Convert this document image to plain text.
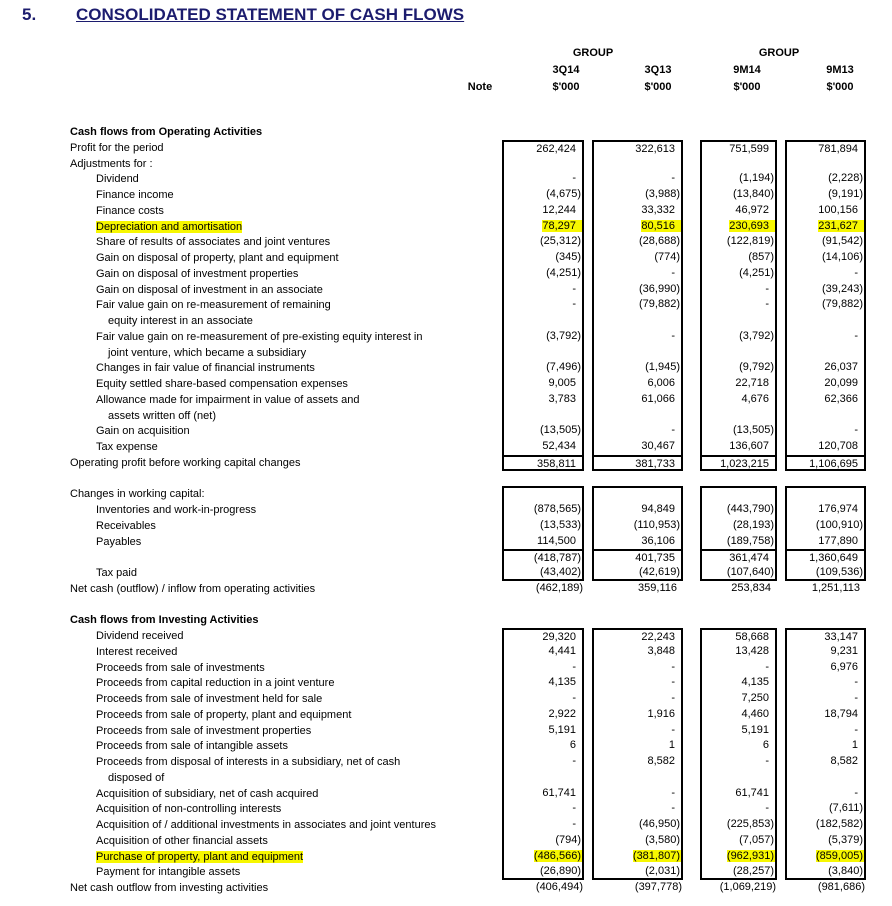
5. CONSOLIDATED STATEMENT OF CASH FLOWS
GROUP	GROUP
3Q14	3Q13	9M14	9M13
Note	$'000	$'000	$'000	$'000
Cash flows from Operating Activities
Profit for the period	262,424	322,613	751,599	781,894
Adjustments for :
Dividend	-	-	(1,194)	(2,228)
Finance income	(4,675)	(3,988)	(13,840)	(9,191)
Finance costs	12,244	33,332	46,972	100,156
Depreciation and amortisation	78,297	80,516	230,693	231,627
Share of results of associates and joint ventures	(25,312)	(28,688)	(122,819)	(91,542)
Gain on disposal of property, plant and equipment	(345)	(774)	(857)	(14,106)
Gain on disposal of investment properties	(4,251)	-	(4,251)	-
Gain on disposal of investment in an associate	-	(36,990)	-	(39,243)
Fair value gain on re-measurement of remaining
equity interest in an associate
-	(79,882)	-	(79,882)
Fair value gain on re-measurement of pre-existing equity interest in
joint venture, which became a subsidiary
(3,792)	-	(3,792)	-
Changes in fair value of financial instruments	(7,496)	(1,945)	(9,792)	26,037
Equity settled share-based compensation expenses	9,005	6,006	22,718	20,099
Allowance made for impairment in value of assets and
assets written off (net)
3,783	61,066	4,676	62,366
Gain on acquisition	(13,505)	-	(13,505)	-
Tax expense	52,434	30,467	136,607	120,708
Operating profit before working capital changes	358,811	381,733	1,023,215	1,106,695
Changes in working capital:
Inventories and work-in-progress	(878,565)	94,849	(443,790)	176,974
Receivables	(13,533)	(110,953)	(28,193)	(100,910)
Payables	114,500	36,106	(189,758)	177,890
(418,787)	401,735	361,474	1,360,649
Tax paid	(43,402)	(42,619)	(107,640)	(109,536)
Net cash (outflow) / inflow from operating activities	(462,189)	359,116	253,834	1,251,113
Cash flows from Investing Activities
Dividend received	29,320	22,243	58,668	33,147
Interest received	4,441	3,848	13,428	9,231
Proceeds from sale of investments	-	-	-	6,976
Proceeds from capital reduction in a joint venture	4,135	-	4,135	-
Proceeds from sale of investment held for sale	-	-	7,250	-
Proceeds from sale of property, plant and equipment	2,922	1,916	4,460	18,794
Proceeds from sale of investment properties	5,191	-	5,191	-
Proceeds from sale of intangible assets	6	1	6	1
Proceeds from disposal of interests in a subsidiary, net of cash
disposed of
-	8,582	-	8,582
Acquisition of subsidiary, net of cash acquired	61,741	-	61,741	-
Acquisition of non-controlling interests	-	-	-	(7,611)
Acquisition of / additional investments in associates and joint ventures	-	(46,950)	(225,853)	(182,582)
Acquisition of other financial assets	(794)	(3,580)	(7,057)	(5,379)
Purchase of property, plant and equipment	(486,566)	(381,807)	(962,931)	(859,005)
Payment for intangible assets	(26,890)	(2,031)	(28,257)	(3,840)
Net cash outflow from investing activities	(406,494)	(397,778)	(1,069,219)	(981,686)
